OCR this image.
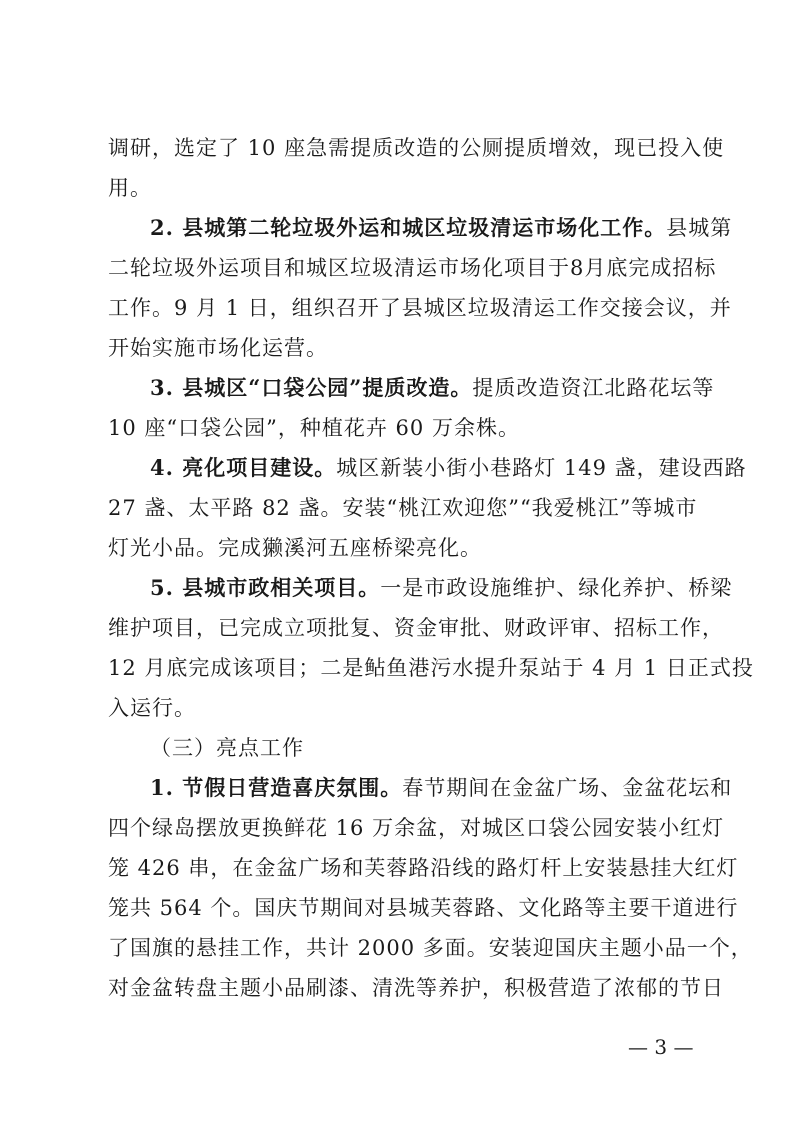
调研，选定了 10 座急需提质改造的公厕提质增效，现已投入使
用。
2. 县城第二轮垃圾外运和城区垃圾清运市场化工作。县城第
二轮垃圾外运项目和城区垃圾清运市场化项目于8月底完成招标
工作。9 月 1 日，组织召开了县城区垃圾清运工作交接会议，并
开始实施市场化运营。
3. 县城区“口袋公园”提质改造。提质改造资江北路花坛等
10 座“口袋公园”，种植花卉 60 万余株。
4. 亮化项目建设。城区新装小街小巷路灯 149 盏，建设西路
27 盏、太平路 82 盏。安装“桃江欢迎您”“我爱桃江”等城市
灯光小品。完成獭溪河五座桥梁亮化。
5. 县城市政相关项目。一是市政设施维护、绿化养护、桥梁
维护项目，已完成立项批复、资金审批、财政评审、招标工作，
12 月底完成该项目；二是鲇鱼港污水提升泵站于 4 月 1 日正式投
入运行。
（三）亮点工作
1. 节假日营造喜庆氛围。春节期间在金盆广场、金盆花坛和
四个绿岛摆放更换鲜花 16 万余盆，对城区口袋公园安装小红灯
笼 426 串，在金盆广场和芙蓉路沿线的路灯杆上安装悬挂大红灯
笼共 564 个。国庆节期间对县城芙蓉路、文化路等主要干道进行
了国旗的悬挂工作，共计 2000 多面。安装迎国庆主题小品一个，
对金盆转盘主题小品刷漆、清洗等养护，积极营造了浓郁的节日
— 3 —
